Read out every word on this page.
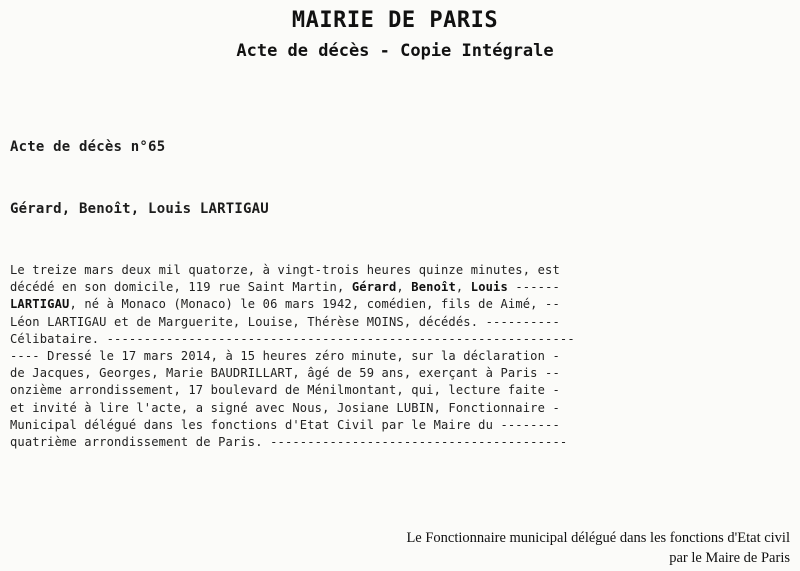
MAIRIE DE PARIS
Acte de décès - Copie Intégrale
Acte de décès n°65
Gérard, Benoît, Louis LARTIGAU
Le treize mars deux mil quatorze, à vingt-trois heures quinze minutes, est
décédé en son domicile, 119 rue Saint Martin, Gérard, Benoît, Louis ------
LARTIGAU, né à Monaco (Monaco) le 06 mars 1942, comédien, fils de Aimé, --
Léon LARTIGAU et de Marguerite, Louise, Thérèse MOINS, décédés. ----------
Célibataire. ---------------------------------------------------------------
---- Dressé le 17 mars 2014, à 15 heures zéro minute, sur la déclaration -
de Jacques, Georges, Marie BAUDRILLART, âgé de 59 ans, exerçant à Paris --
onzième arrondissement, 17 boulevard de Ménilmontant, qui, lecture faite -
et invité à lire l'acte, a signé avec Nous, Josiane LUBIN, Fonctionnaire -
Municipal délégué dans les fonctions d'Etat Civil par le Maire du --------
quatrième arrondissement de Paris. ----------------------------------------
Le Fonctionnaire municipal délégué dans les fonctions d'Etat civil
par le Maire de Paris
